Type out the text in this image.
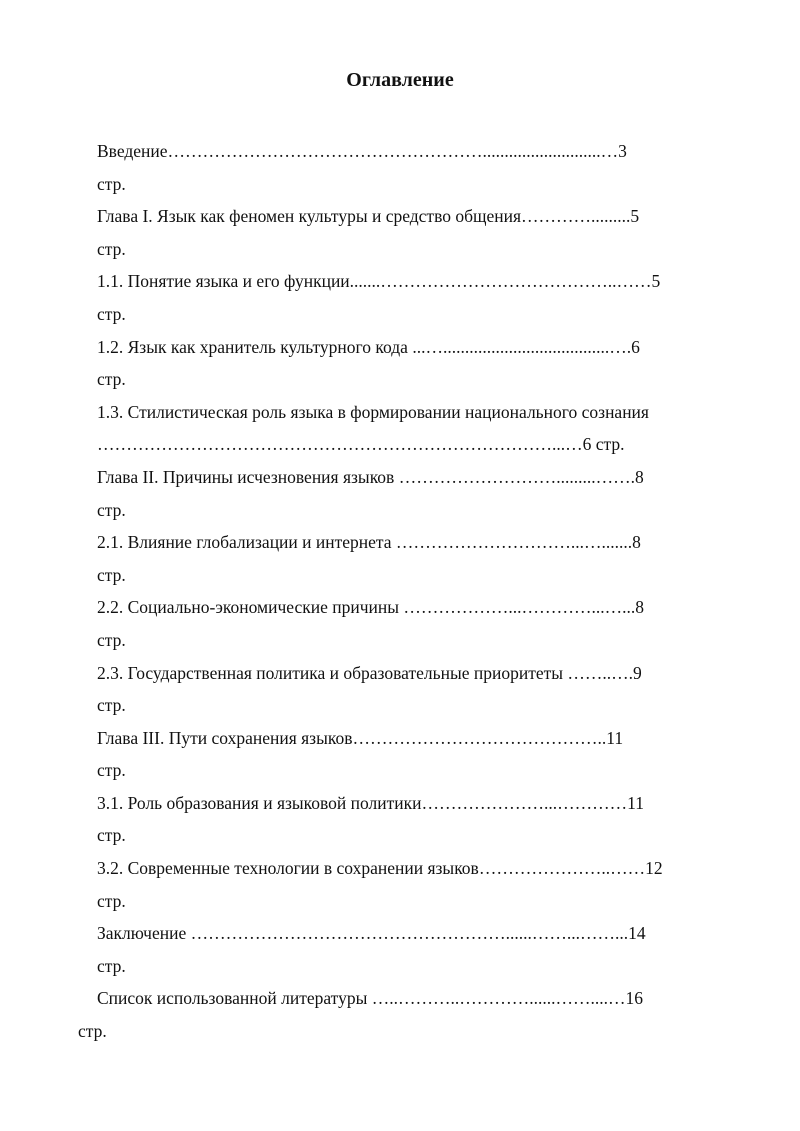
Оглавление
Введение………………………………………………...........................…3
стр.
Глава I. Язык как феномен культуры и средство общения………….........5
стр.
1.1. Понятие языка и его функции.......…………………………………..……5
стр.
1.2. Язык как хранитель культурного кода ...…......................................….6
стр.
1.3. Стилистическая роль языка в формировании национального сознания
……………………………………………………………………...…6 стр.
Глава II. Причины исчезновения языков ……………………….........…….8
стр.
2.1. Влияние глобализации и интернета …………………………...….......8
стр.
2.2. Социально-экономические причины ………………...…………...…...8
стр.
2.3. Государственная политика и образовательные приоритеты ……..….9
стр.
Глава III. Пути сохранения языков……………………………………..11
стр.
3.1. Роль образования и языковой политики…………………...…………11
стр.
3.2. Современные технологии в сохранении языков…………………..……12
стр.
Заключение ………………………………………………......……...……...14
стр.
Список использованной литературы …..………..…………......……....…16
стр.
